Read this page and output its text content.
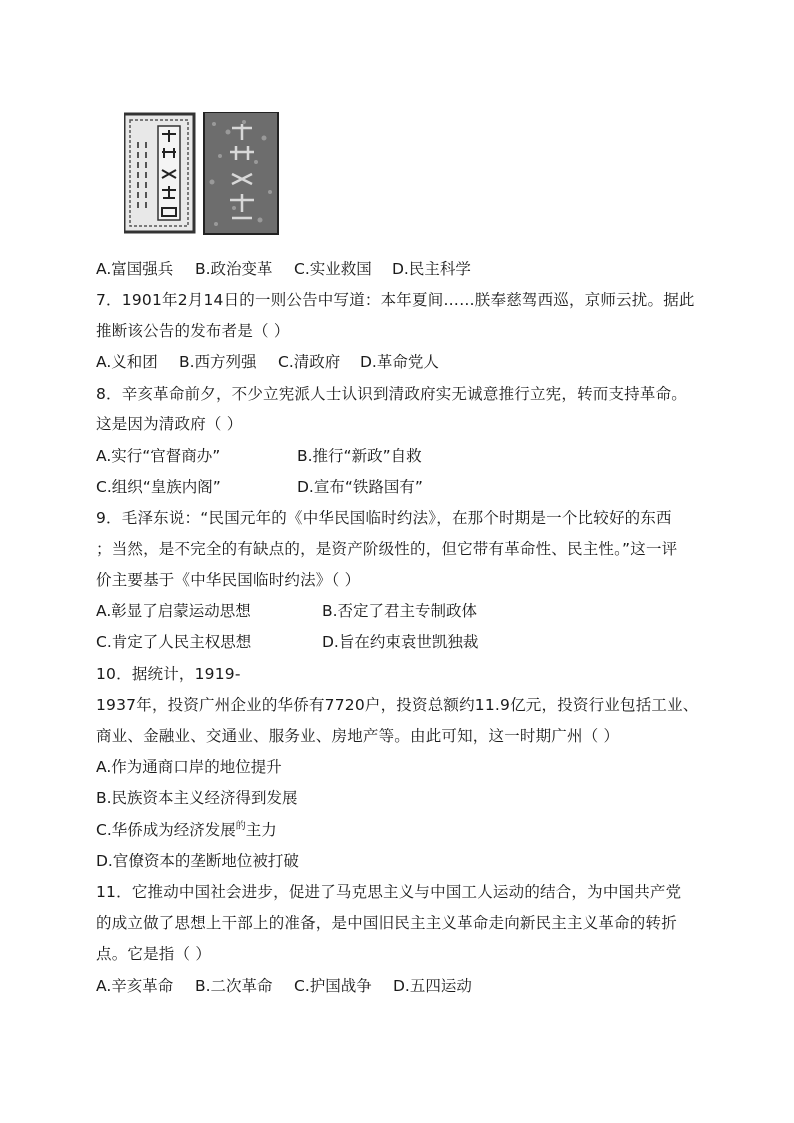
A.富国强兵 B.政治变革 C.实业救国 D.民主科学
7．1901年2月14日的一则公告中写道：本年夏间……朕奉慈驾西巡，京师云扰。据此
推断该公告的发布者是（ ）
A.义和团 B.西方列强 C.清政府 D.革命党人
8．辛亥革命前夕，不少立宪派人士认识到清政府实无诚意推行立宪，转而支持革命。
这是因为清政府（ ）
A.实行“官督商办”	B.推行“新政”自救
C.组织“皇族内阁”	D.宣布“铁路国有”
9．毛泽东说：“民国元年的《中华民国临时约法》，在那个时期是一个比较好的东西
；当然，是不完全的有缺点的，是资产阶级性的，但它带有革命性、民主性。”这一评
价主要基于《中华民国临时约法》（ ）
A.彰显了启蒙运动思想	B.否定了君主专制政体
C.肯定了人民主权思想	D.旨在约束袁世凯独裁
10．据统计，1919-
1937年，投资广州企业的华侨有7720户，投资总额约11.9亿元，投资行业包括工业、
商业、金融业、交通业、服务业、房地产等。由此可知，这一时期广州（ ）
A.作为通商口岸的地位提升
B.民族资本主义经济得到发展
C.华侨成为经济发展$^的$主力
D.官僚资本的垄断地位被打破
11．它推动中国社会进步，促进了马克思主义与中国工人运动的结合，为中国共产党
的成立做了思想上干部上的准备，是中国旧民主主义革命走向新民主主义革命的转折
点。它是指（ ）
A.辛亥革命 B.二次革命 C.护国战争 D.五四运动
